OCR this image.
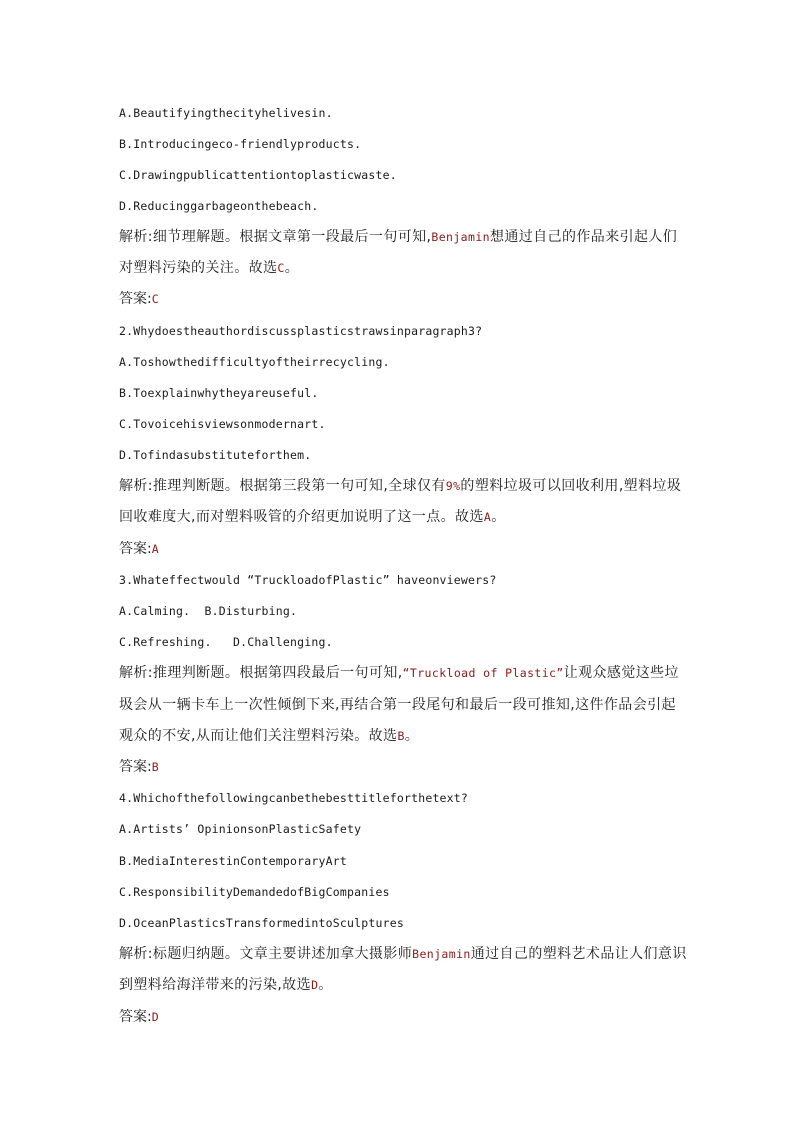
A.Beautifyingthecityhelivesin.
B.Introducingeco-friendlyproducts.
C.Drawingpublicattentiontoplasticwaste.
D.Reducinggarbageonthebeach.
解析:细节理解题。根据文章第一段最后一句可知,Benjamin想通过自己的作品来引起人们
对塑料污染的关注。故选C。
答案:C
2.Whydoestheauthordiscussplasticstrawsinparagraph3?
A.Toshowthedifficultyoftheirrecycling.
B.Toexplainwhytheyareuseful.
C.Tovoicehisviewsonmodernart.
D.Tofindasubstituteforthem.
解析:推理判断题。根据第三段第一句可知,全球仅有9%的塑料垃圾可以回收利用,塑料垃圾
回收难度大,而对塑料吸管的介绍更加说明了这一点。故选A。
答案:A
3.Whateffectwould “TruckloadofPlastic” haveonviewers?
A.Calming.  B.Disturbing.
C.Refreshing.   D.Challenging.
解析:推理判断题。根据第四段最后一句可知,“Truckload of Plastic”让观众感觉这些垃
圾会从一辆卡车上一次性倾倒下来,再结合第一段尾句和最后一段可推知,这件作品会引起
观众的不安,从而让他们关注塑料污染。故选B。
答案:B
4.Whichofthefollowingcanbethebesttitleforthetext?
A.Artists’ OpinionsonPlasticSafety
B.MediaInterestinContemporaryArt
C.ResponsibilityDemandedofBigCompanies
D.OceanPlasticsTransformedintoSculptures
解析:标题归纳题。文章主要讲述加拿大摄影师Benjamin通过自己的塑料艺术品让人们意识
到塑料给海洋带来的污染,故选D。
答案:D
